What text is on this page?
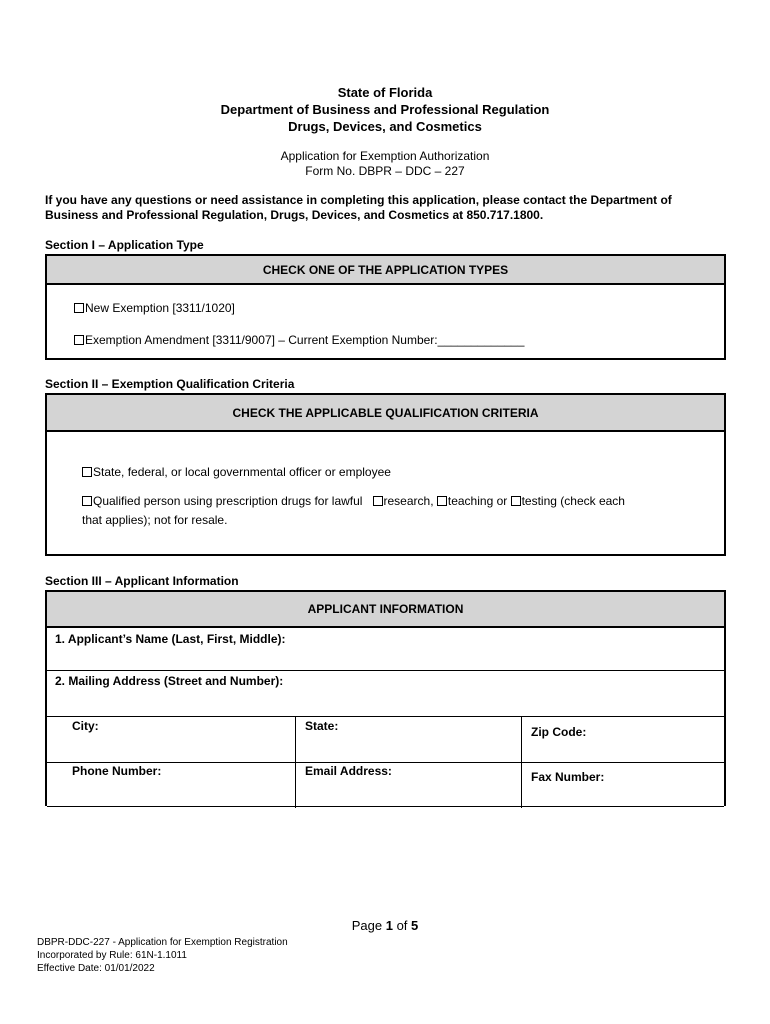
State of Florida
Department of Business and Professional Regulation
Drugs, Devices, and Cosmetics
Application for Exemption Authorization
Form No. DBPR – DDC – 227
If you have any questions or need assistance in completing this application, please contact the Department of Business and Professional Regulation, Drugs, Devices, and Cosmetics at 850.717.1800.
Section I – Application Type
CHECK ONE OF THE APPLICATION TYPES
New Exemption [3311/1020]
Exemption Amendment [3311/9007] – Current Exemption Number:_____________
Section II – Exemption Qualification Criteria
CHECK THE APPLICABLE QUALIFICATION CRITERIA
State, federal, or local governmental officer or employee
Qualified person using prescription drugs for lawful research, teaching or testing (check each
that applies); not for resale.
Section III – Applicant Information
APPLICANT INFORMATION
1. Applicant’s Name (Last, First, Middle):
2. Mailing Address (Street and Number):
City:	State:	Zip Code:
Phone Number:	Email Address:	Fax Number:
Page 1 of 5
DBPR-DDC-227 - Application for Exemption Registration
Incorporated by Rule: 61N-1.1011
Effective Date: 01/01/2022
